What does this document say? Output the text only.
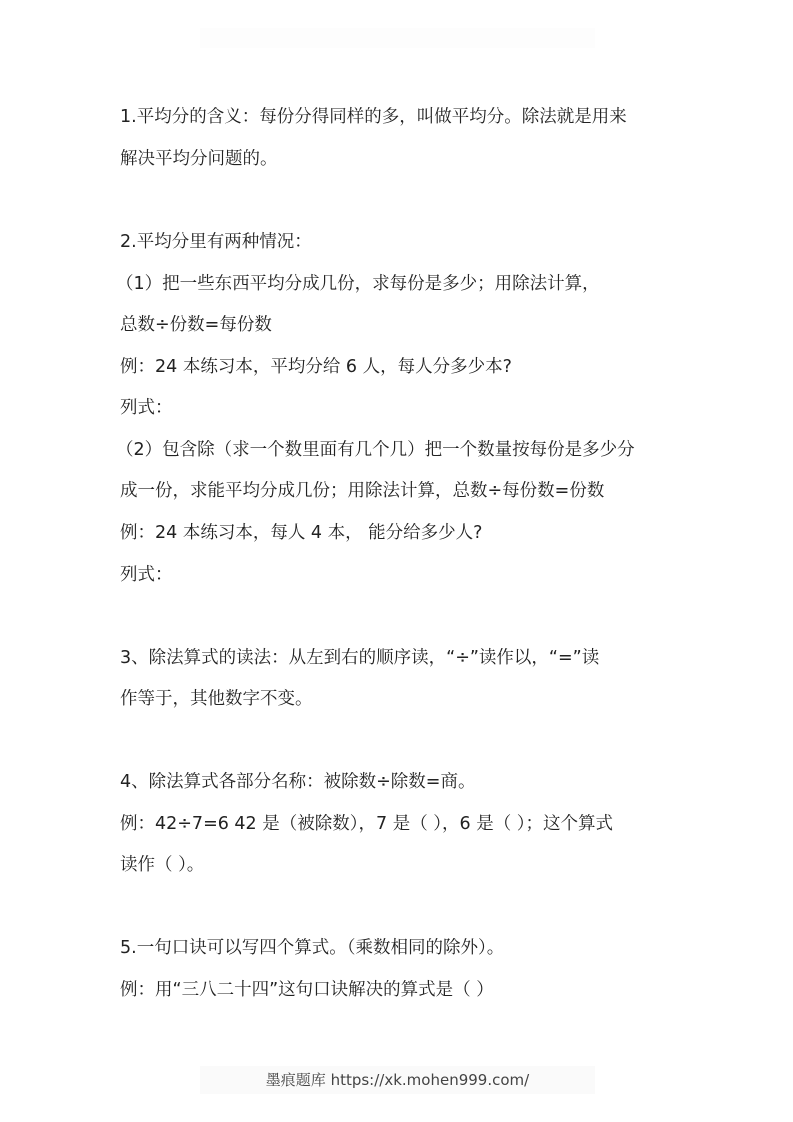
1.平均分的含义：每份分得同样的多，叫做平均分。除法就是用来
解决平均分问题的。
2.平均分里有两种情况：
（1）把一些东西平均分成几份，求每份是多少；用除法计算，
总数÷份数=每份数
例：24 本练习本，平均分给 6 人，每人分多少本?
列式：
（2）包含除（求一个数里面有几个几）把一个数量按每份是多少分
成一份，求能平均分成几份；用除法计算，总数÷每份数=份数
例：24 本练习本，每人 4 本， 能分给多少人?
列式：
3、除法算式的读法：从左到右的顺序读，“÷”读作以，“=”读
作等于，其他数字不变。
4、除法算式各部分名称：被除数÷除数=商。
例：42÷7=6 42 是（被除数），7 是（ ），6 是（ ）；这个算式
读作（ ）。
5.一句口诀可以写四个算式。（乘数相同的除外）。
例：用“三八二十四”这句口诀解决的算式是（ ）
墨痕题库 https://xk.mohen999.com/
